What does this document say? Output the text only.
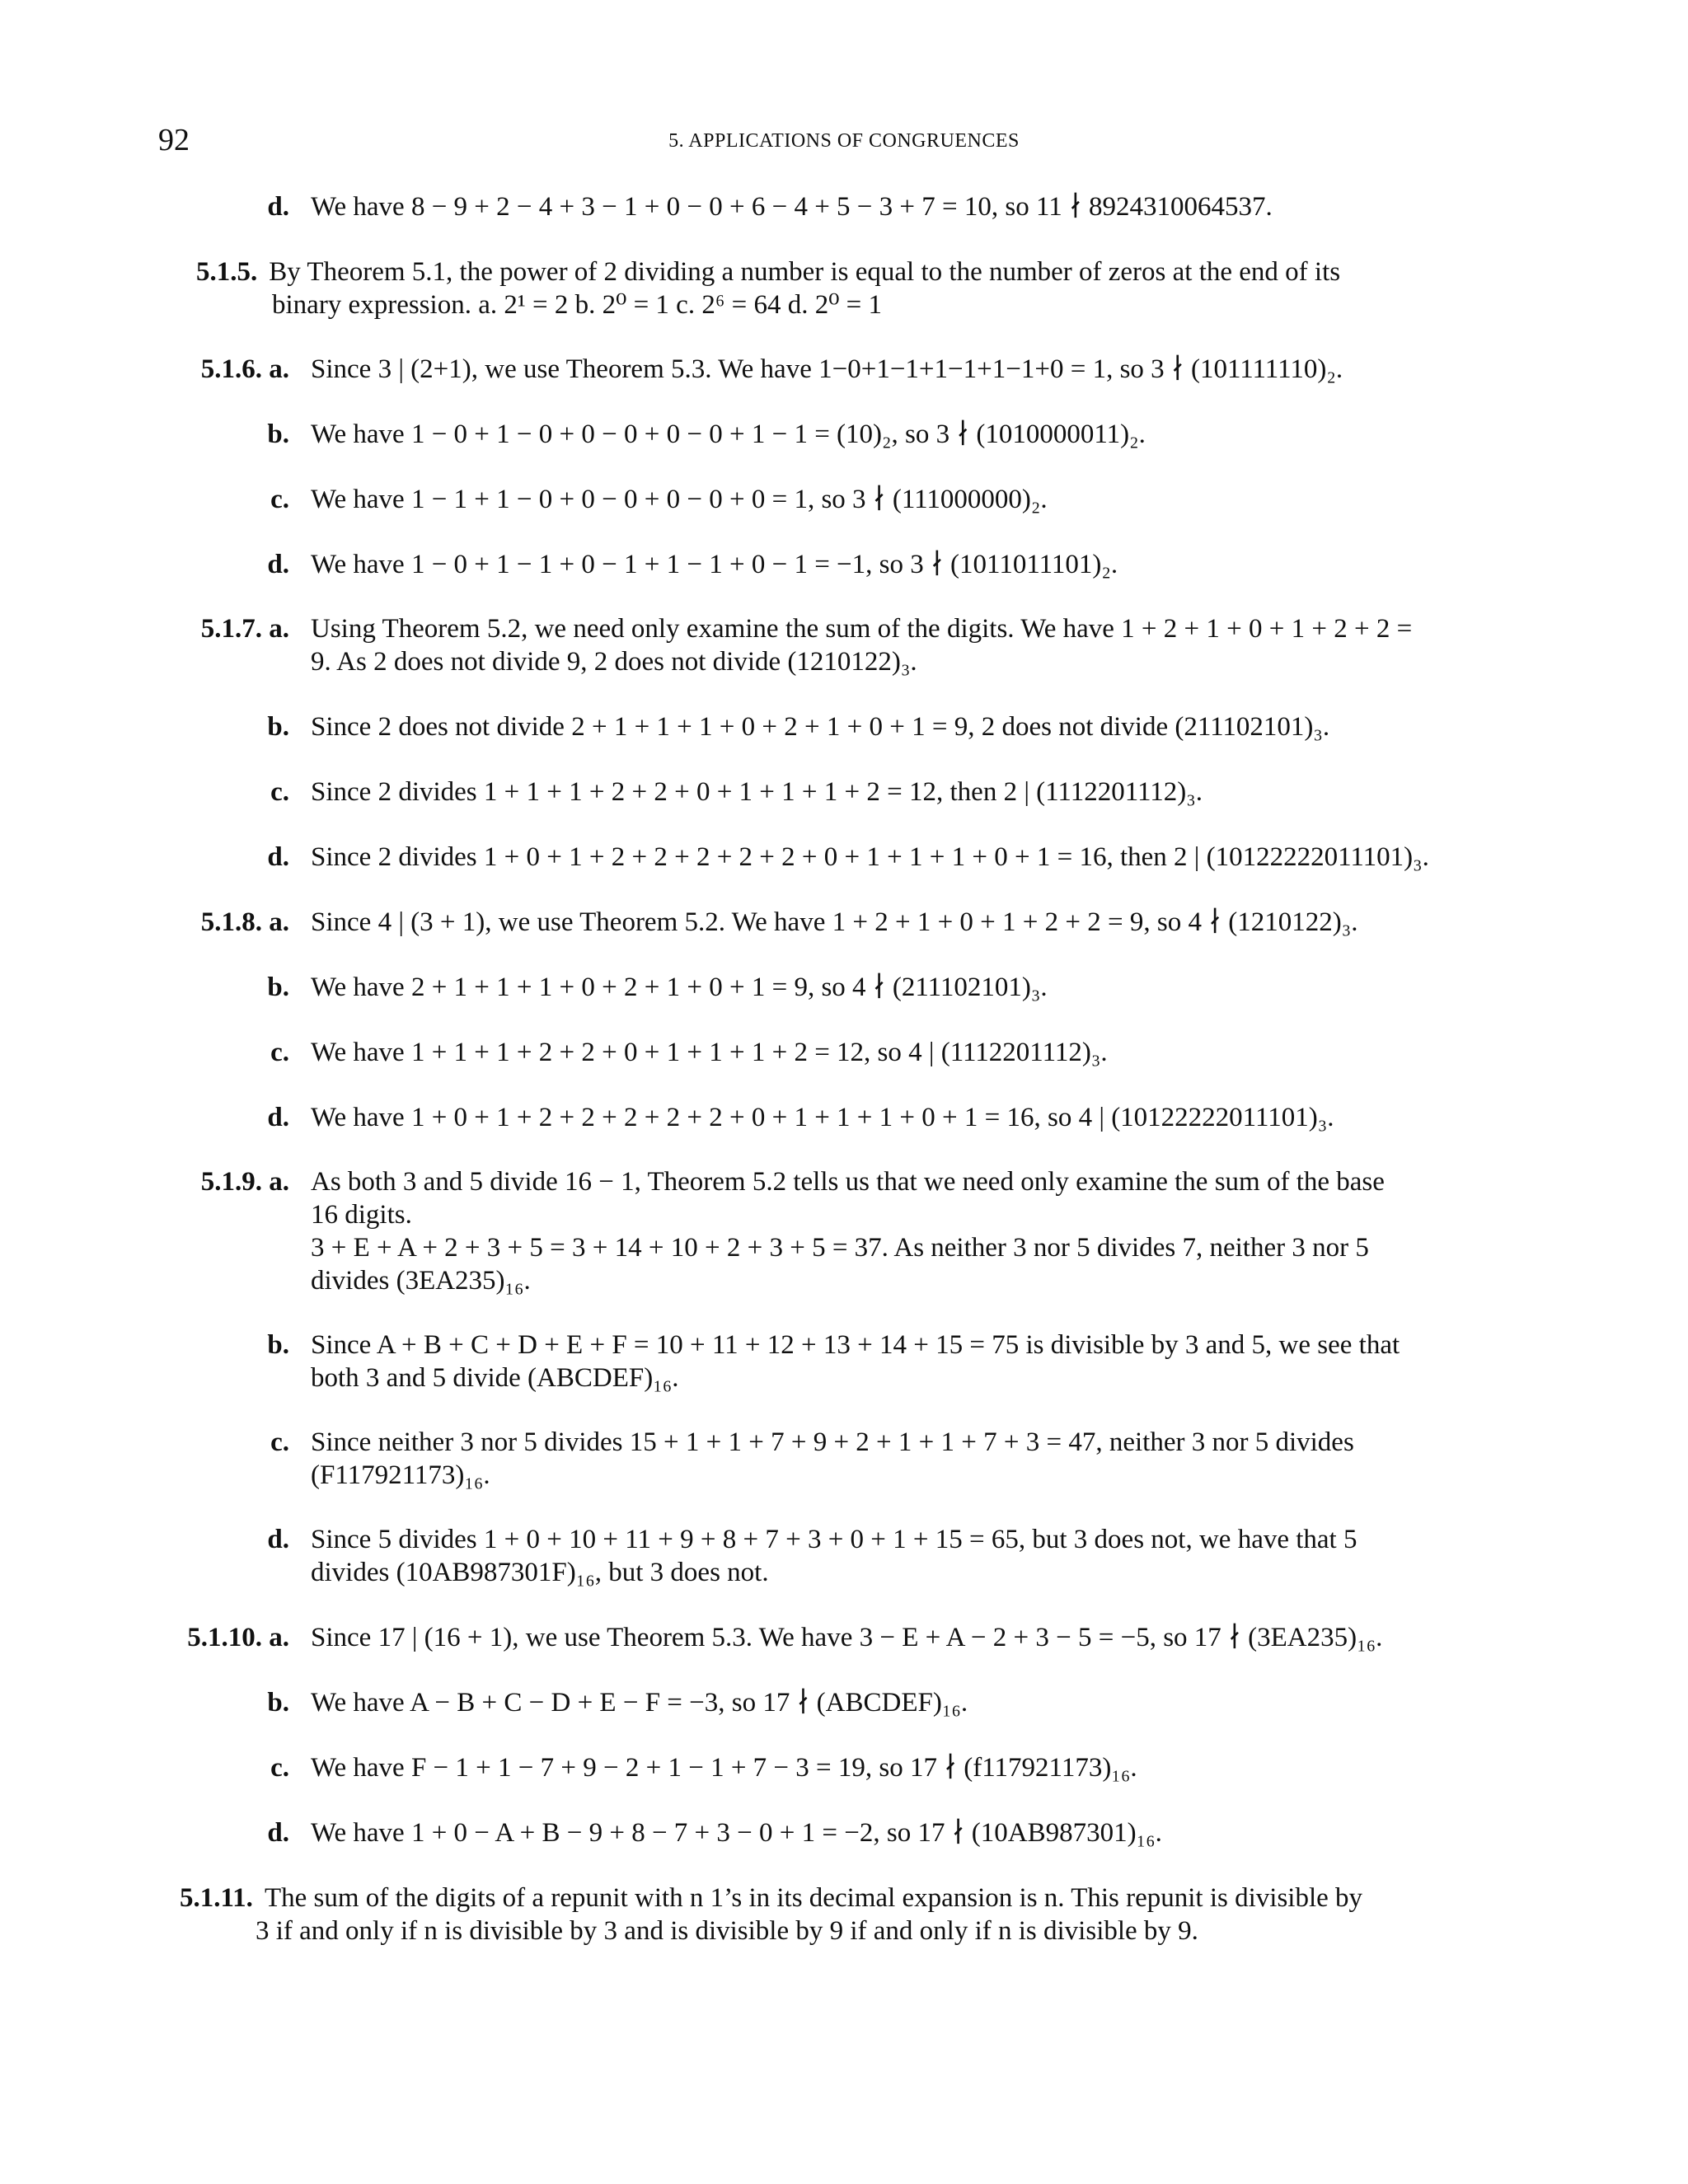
92	5. APPLICATIONS OF CONGRUENCES
d. We have 8 − 9 + 2 − 4 + 3 − 1 + 0 − 0 + 6 − 4 + 5 − 3 + 7 = 10, so 11 ∤ 8924310064537.
5.1.5. By Theorem 5.1, the power of 2 dividing a number is equal to the number of zeros at the end of its
binary expression. a. 2¹ = 2 b. 2⁰ = 1 c. 2⁶ = 64 d. 2⁰ = 1
5.1.6. a. Since 3 | (2+1), we use Theorem 5.3. We have 1−0+1−1+1−1+1−1+0 = 1, so 3 ∤ (101111110)₂.
b. We have 1 − 0 + 1 − 0 + 0 − 0 + 0 − 0 + 1 − 1 = (10)₂, so 3 ∤ (1010000011)₂.
c. We have 1 − 1 + 1 − 0 + 0 − 0 + 0 − 0 + 0 = 1, so 3 ∤ (111000000)₂.
d. We have 1 − 0 + 1 − 1 + 0 − 1 + 1 − 1 + 0 − 1 = −1, so 3 ∤ (1011011101)₂.
5.1.7. a. Using Theorem 5.2, we need only examine the sum of the digits. We have 1 + 2 + 1 + 0 + 1 + 2 + 2 =
9. As 2 does not divide 9, 2 does not divide (1210122)₃.
b. Since 2 does not divide 2 + 1 + 1 + 1 + 0 + 2 + 1 + 0 + 1 = 9, 2 does not divide (211102101)₃.
c. Since 2 divides 1 + 1 + 1 + 2 + 2 + 0 + 1 + 1 + 1 + 2 = 12, then 2 | (1112201112)₃.
d. Since 2 divides 1 + 0 + 1 + 2 + 2 + 2 + 2 + 2 + 0 + 1 + 1 + 1 + 0 + 1 = 16, then 2 | (10122222011101)₃.
5.1.8. a. Since 4 | (3 + 1), we use Theorem 5.2. We have 1 + 2 + 1 + 0 + 1 + 2 + 2 = 9, so 4 ∤ (1210122)₃.
b. We have 2 + 1 + 1 + 1 + 0 + 2 + 1 + 0 + 1 = 9, so 4 ∤ (211102101)₃.
c. We have 1 + 1 + 1 + 2 + 2 + 0 + 1 + 1 + 1 + 2 = 12, so 4 | (1112201112)₃.
d. We have 1 + 0 + 1 + 2 + 2 + 2 + 2 + 2 + 0 + 1 + 1 + 1 + 0 + 1 = 16, so 4 | (10122222011101)₃.
5.1.9. a. As both 3 and 5 divide 16 − 1, Theorem 5.2 tells us that we need only examine the sum of the base
16 digits.
3 + E + A + 2 + 3 + 5 = 3 + 14 + 10 + 2 + 3 + 5 = 37. As neither 3 nor 5 divides 7, neither 3 nor 5
divides (3EA235)₁₆.
b. Since A + B + C + D + E + F = 10 + 11 + 12 + 13 + 14 + 15 = 75 is divisible by 3 and 5, we see that
both 3 and 5 divide (ABCDEF)₁₆.
c. Since neither 3 nor 5 divides 15 + 1 + 1 + 7 + 9 + 2 + 1 + 1 + 7 + 3 = 47, neither 3 nor 5 divides
(F117921173)₁₆.
d. Since 5 divides 1 + 0 + 10 + 11 + 9 + 8 + 7 + 3 + 0 + 1 + 15 = 65, but 3 does not, we have that 5
divides (10AB987301F)₁₆, but 3 does not.
5.1.10. a. Since 17 | (16 + 1), we use Theorem 5.3. We have 3 − E + A − 2 + 3 − 5 = −5, so 17 ∤ (3EA235)₁₆.
b. We have A − B + C − D + E − F = −3, so 17 ∤ (ABCDEF)₁₆.
c. We have F − 1 + 1 − 7 + 9 − 2 + 1 − 1 + 7 − 3 = 19, so 17 ∤ (f117921173)₁₆.
d. We have 1 + 0 − A + B − 9 + 8 − 7 + 3 − 0 + 1 = −2, so 17 ∤ (10AB987301)₁₆.
5.1.11. The sum of the digits of a repunit with n 1’s in its decimal expansion is n. This repunit is divisible by
3 if and only if n is divisible by 3 and is divisible by 9 if and only if n is divisible by 9.
